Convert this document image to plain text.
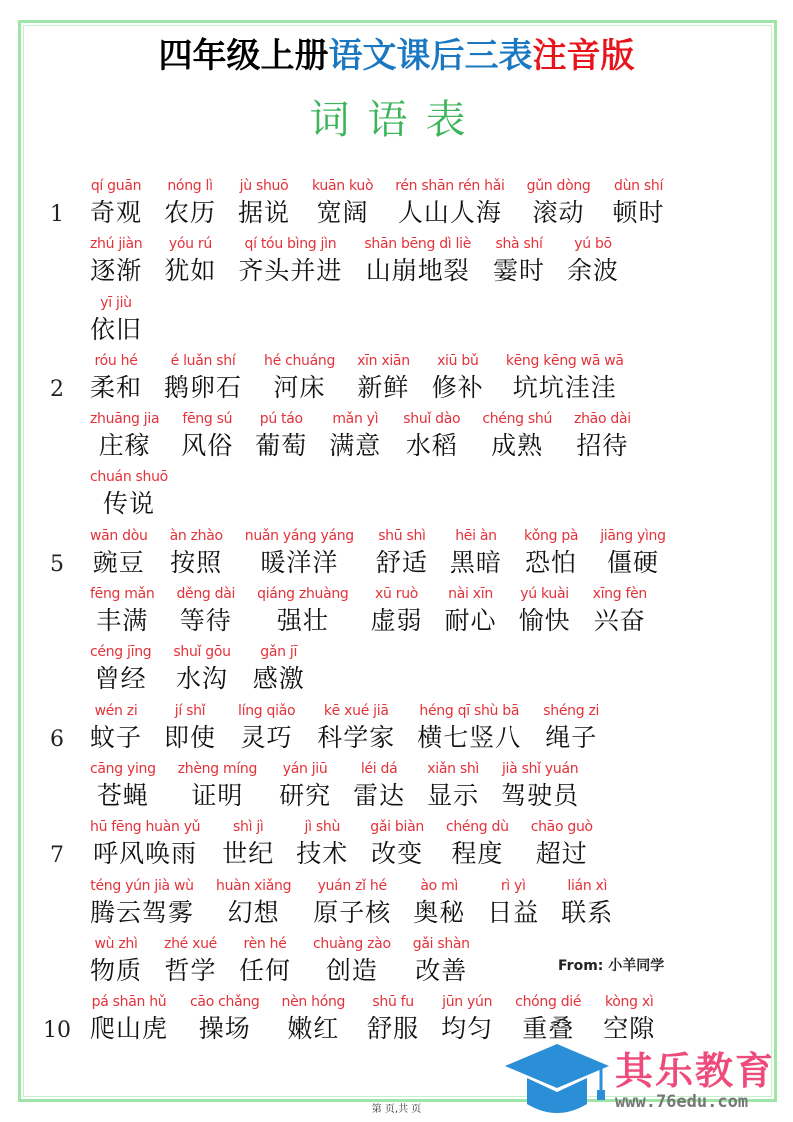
四年级上册语文课后三表注音版
词语表
1
qí guān
奇观
nóng lì
农历
jù shuō
据说
kuān kuò
宽阔
rén shān rén hǎi
人山人海
gǔn dòng
滚动
dùn shí
顿时
zhú jiàn
逐渐
yóu rú
犹如
qí tóu bìng jìn
齐头并进
shān bēng dì liè
山崩地裂
shà shí
霎时
yú bō
余波
yī jiù
依旧
2
róu hé
柔和
é luǎn shí
鹅卵石
hé chuáng
河床
xīn xiān
新鲜
xiū bǔ
修补
kēng kēng wā wā
坑坑洼洼
zhuāng jia
庄稼
fēng sú
风俗
pú táo
葡萄
mǎn yì
满意
shuǐ dào
水稻
chéng shú
成熟
zhāo dài
招待
chuán shuō
传说
5
wān dòu
豌豆
àn zhào
按照
nuǎn yáng yáng
暖洋洋
shū shì
舒适
hēi àn
黑暗
kǒng pà
恐怕
jiāng yìng
僵硬
fēng mǎn
丰满
děng dài
等待
qiáng zhuàng
强壮
xū ruò
虚弱
nài xīn
耐心
yú kuài
愉快
xīng fèn
兴奋
céng jīng
曾经
shuǐ gōu
水沟
gǎn jī
感激
6
wén zi
蚊子
jí shǐ
即使
líng qiǎo
灵巧
kē xué jiā
科学家
héng qī shù bā
横七竖八
shéng zi
绳子
cāng ying
苍蝇
zhèng míng
证明
yán jiū
研究
léi dá
雷达
xiǎn shì
显示
jià shǐ yuán
驾驶员
7
hū fēng huàn yǔ
呼风唤雨
shì jì
世纪
jì shù
技术
gǎi biàn
改变
chéng dù
程度
chāo guò
超过
téng yún jià wù
腾云驾雾
huàn xiǎng
幻想
yuán zǐ hé
原子核
ào mì
奥秘
rì yì
日益
lián xì
联系
wù zhì
物质
zhé xué
哲学
rèn hé
任何
chuàng zào
创造
gǎi shàn
改善
10
pá shān hǔ
爬山虎
cāo chǎng
操场
nèn hóng
嫩红
shū fu
舒服
jūn yún
均匀
chóng dié
重叠
kòng xì
空隙
From: 小羊同学
第 页,共 页
其乐教育
www.76edu.com
